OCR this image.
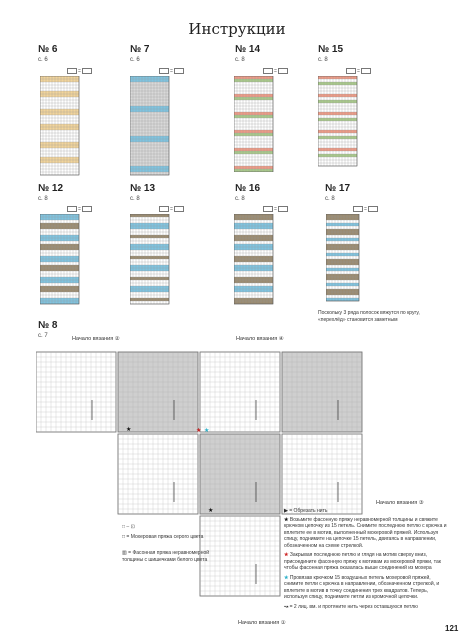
Инструкции
№ 6
с. 6
№ 7
с. 6
№ 14
с. 8
№ 15
с. 8
=	=	=	=
№ 12
с. 8
№ 13
с. 8
№ 16
с. 8
№ 17
с. 8
=	=	=	=
Поскольку 3 ряда полосок вяжутся по кругу, «перехлёд» становится заметным
№ 8
с. 7	Начало вязания ②	Начало вязания ④
Начало вязания ③
Начало вязания ①
★ ★
★
★
□ – ⊡
□ = Мохеровая пряжа серого цвета
▥ = Фасонная пряжа неравномерной толщины с шишечками белого цвета
▶ = Обрезать нить
★ Возьмите фасонную пряжу неравномерной толщины и свяжите крючком цепочку из 15 петель. Снимите последнюю петлю с крючка и вплетите ее в мотив, выполненный мохеровой пряжей. Используя спицу, поднимите на цепочке 15 петель, двигаясь в направлении, обозначенном на схеме стрелкой.
★ Закрывая последнюю петлю и глядя на мотив сверху вниз, присоедините фасонную пряжу к мотивам из мохеровой пряжи, так чтобы фасонная пряжа оказалась выше соединений из мохера
★ Провязав крючком 15 воздушных петель мохеровой пряжей, снимите петли с крючка в направлении, обозначенном стрелкой, и вплетите в мотив в точку соединения трех квадратов. Теперь, используя спицу, поднимите петли из кромочной цепочки.
↝ = 2 лиц. вм. и протяните нить через оставшуюся петлю
121
